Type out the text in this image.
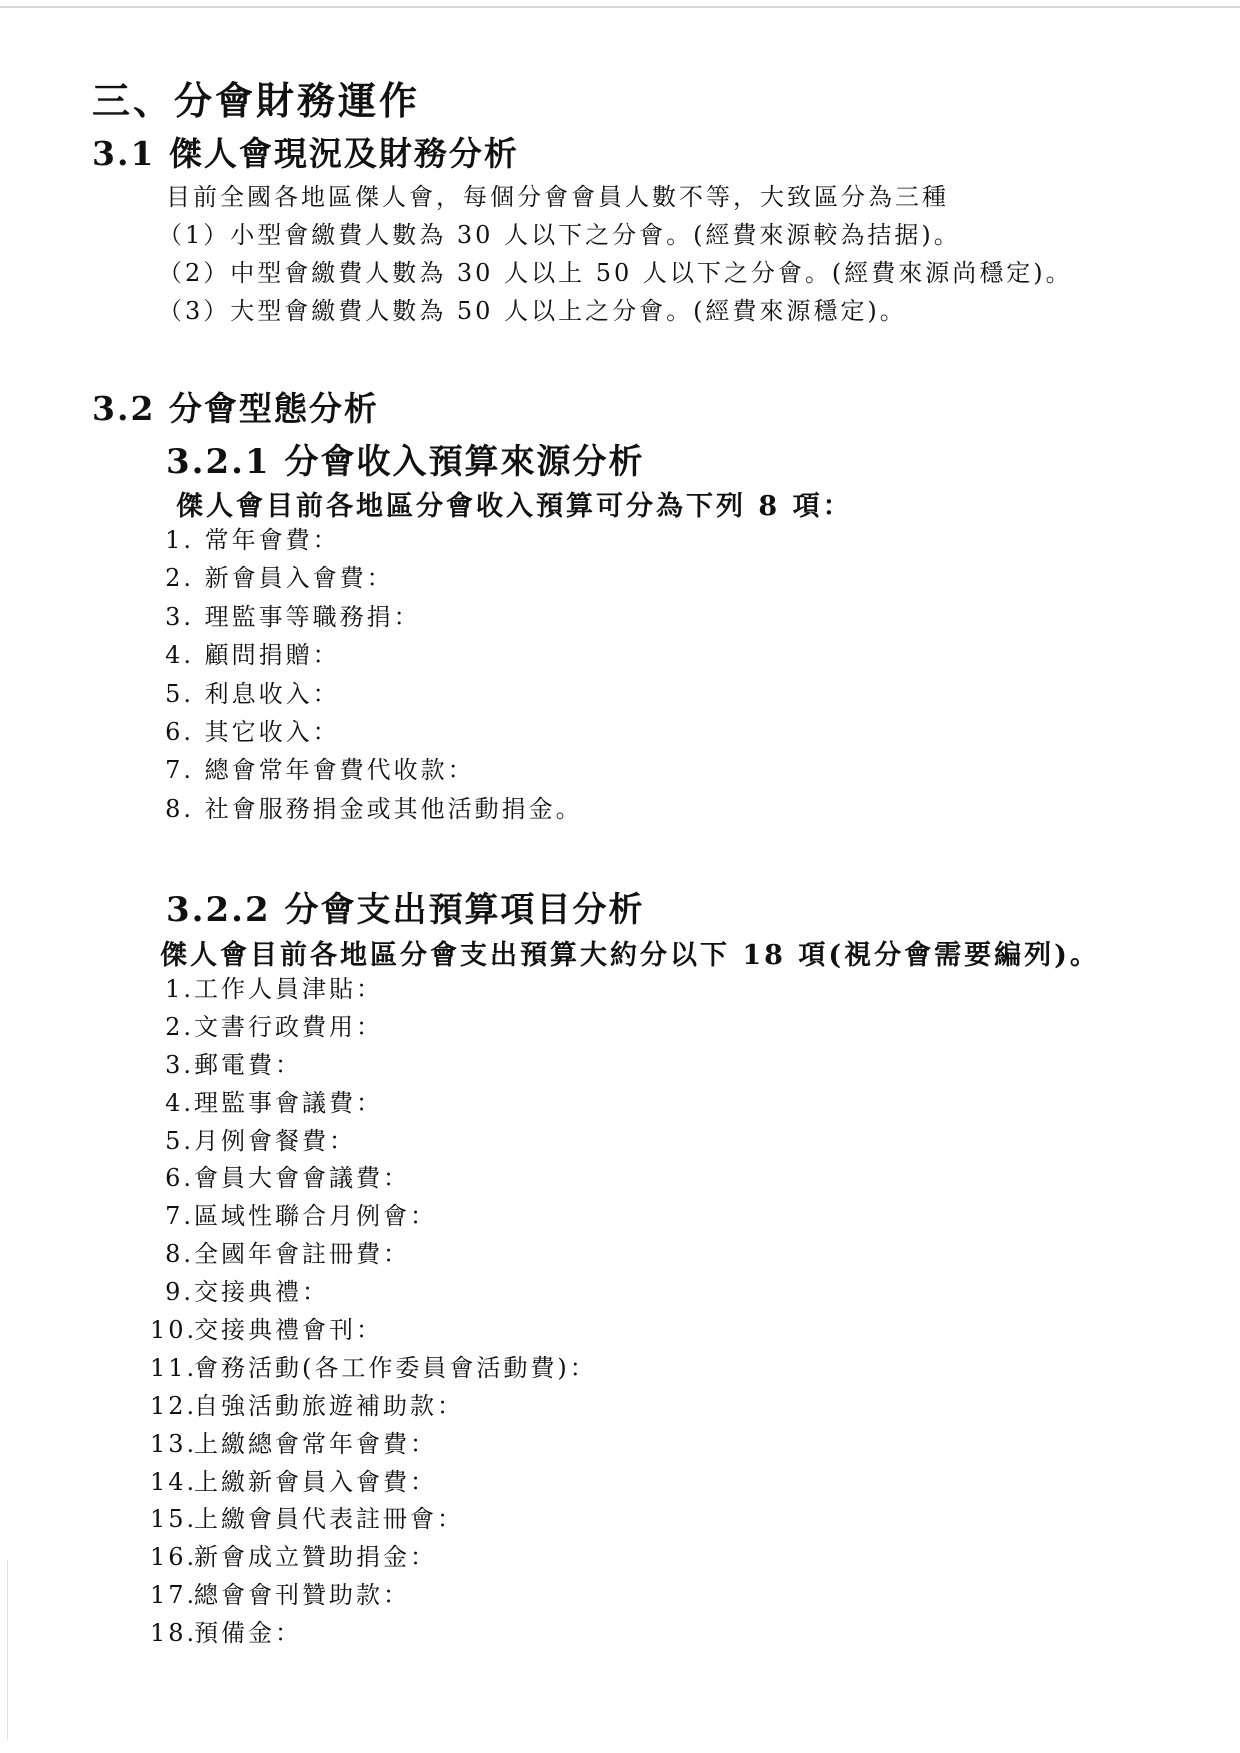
三、分會財務運作
3.1 傑人會現況及財務分析
目前全國各地區傑人會，每個分會會員人數不等，大致區分為三種
（1）小型會繳費人數為 30 人以下之分會。(經費來源較為拮据)。
（2）中型會繳費人數為 30 人以上 50 人以下之分會。(經費來源尚穩定)。
（3）大型會繳費人數為 50 人以上之分會。(經費來源穩定)。
3.2 分會型態分析
3.2.1 分會收入預算來源分析
傑人會目前各地區分會收入預算可分為下列 8 項：
1. 常年會費：
2. 新會員入會費：
3. 理監事等職務捐：
4. 顧問捐贈：
5. 利息收入：
6. 其它收入：
7. 總會常年會費代收款：
8. 社會服務捐金或其他活動捐金。
3.2.2 分會支出預算項目分析
傑人會目前各地區分會支出預算大約分以下 18 項(視分會需要編列)。
1.工作人員津貼：
2.文書行政費用：
3.郵電費：
4.理監事會議費：
5.月例會餐費：
6.會員大會會議費：
7.區域性聯合月例會：
8.全國年會註冊費：
9.交接典禮：
10.交接典禮會刊：
11.會務活動(各工作委員會活動費)：
12.自強活動旅遊補助款：
13.上繳總會常年會費：
14.上繳新會員入會費：
15.上繳會員代表註冊會：
16.新會成立贊助捐金：
17.總會會刊贊助款：
18.預備金：
